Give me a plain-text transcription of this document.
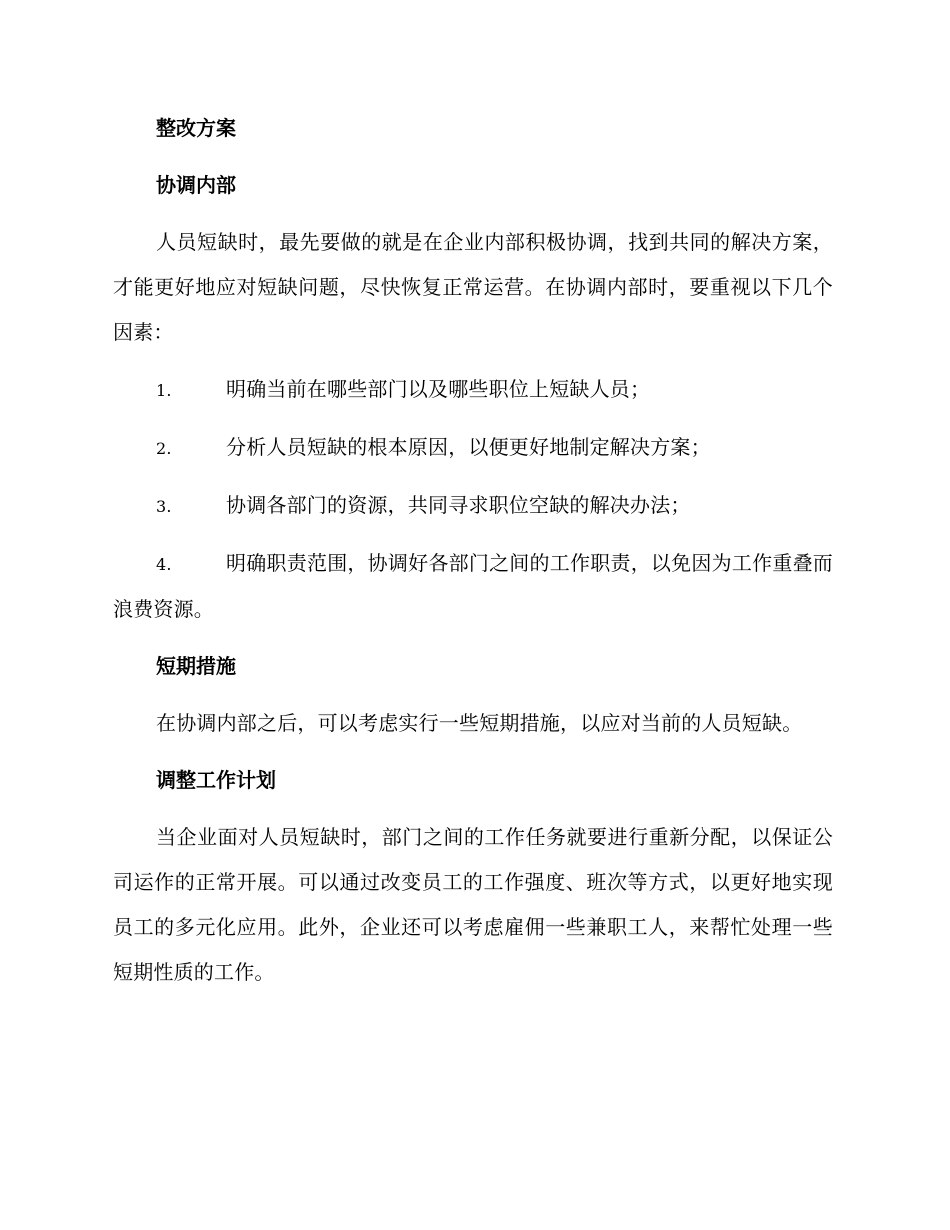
整改方案
协调内部

人员短缺时，最先要做的就是在企业内部积极协调，找到共同的解决方案，才能更好地应对短缺问题，尽快恢复正常运营。在协调内部时，要重视以下几个因素：

1.	明确当前在哪些部门以及哪些职位上短缺人员；

2.	分析人员短缺的根本原因，以便更好地制定解决方案；

3.	协调各部门的资源，共同寻求职位空缺的解决办法；

4.	明确职责范围，协调好各部门之间的工作职责，以免因为工作重叠而浪费资源。

短期措施

在协调内部之后，可以考虑实行一些短期措施，以应对当前的人员短缺。

调整工作计划

当企业面对人员短缺时，部门之间的工作任务就要进行重新分配，以保证公司运作的正常开展。可以通过改变员工的工作强度、班次等方式，以更好地实现员工的多元化应用。此外，企业还可以考虑雇佣一些兼职工人，来帮忙处理一些短期性质的工作。
